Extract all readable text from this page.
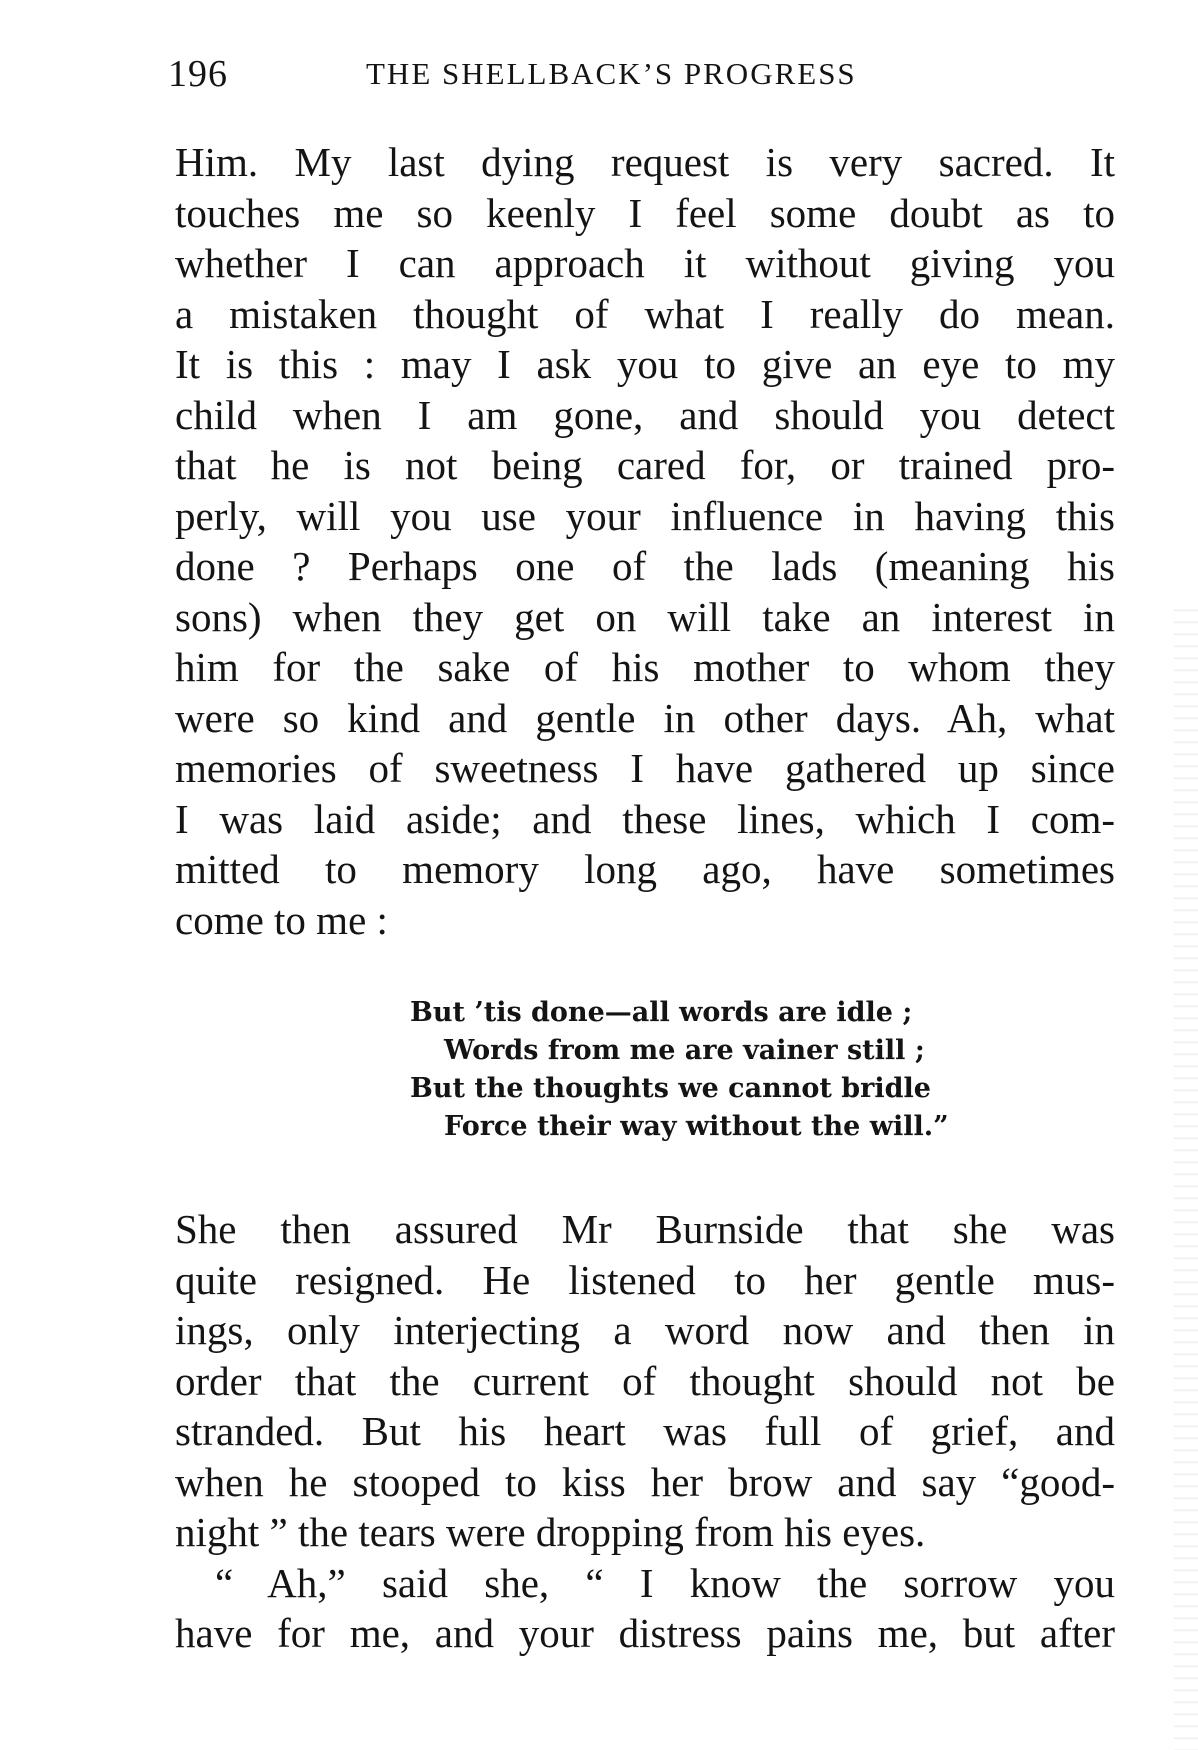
196	THE SHELLBACK’S PROGRESS
Him. My last dying request is very sacred. It
touches me so keenly I feel some doubt as to
whether I can approach it without giving you
a mistaken thought of what I really do mean.
It is this : may I ask you to give an eye to my
child when I am gone, and should you detect
that he is not being cared for, or trained pro-
perly, will you use your influence in having this
done ? Perhaps one of the lads (meaning his
sons) when they get on will take an interest in
him for the sake of his mother to whom they
were so kind and gentle in other days. Ah, what
memories of sweetness I have gathered up since
I was laid aside; and these lines, which I com-
mitted to memory long ago, have sometimes
come to me :
But ’tis done—all words are idle ;
Words from me are vainer still ;
But the thoughts we cannot bridle
Force their way without the will.”
She then assured Mr Burnside that she was
quite resigned. He listened to her gentle mus-
ings, only interjecting a word now and then in
order that the current of thought should not be
stranded. But his heart was full of grief, and
when he stooped to kiss her brow and say “good-
night ” the tears were dropping from his eyes.
“ Ah,” said she, “ I know the sorrow you
have for me, and your distress pains me, but after
